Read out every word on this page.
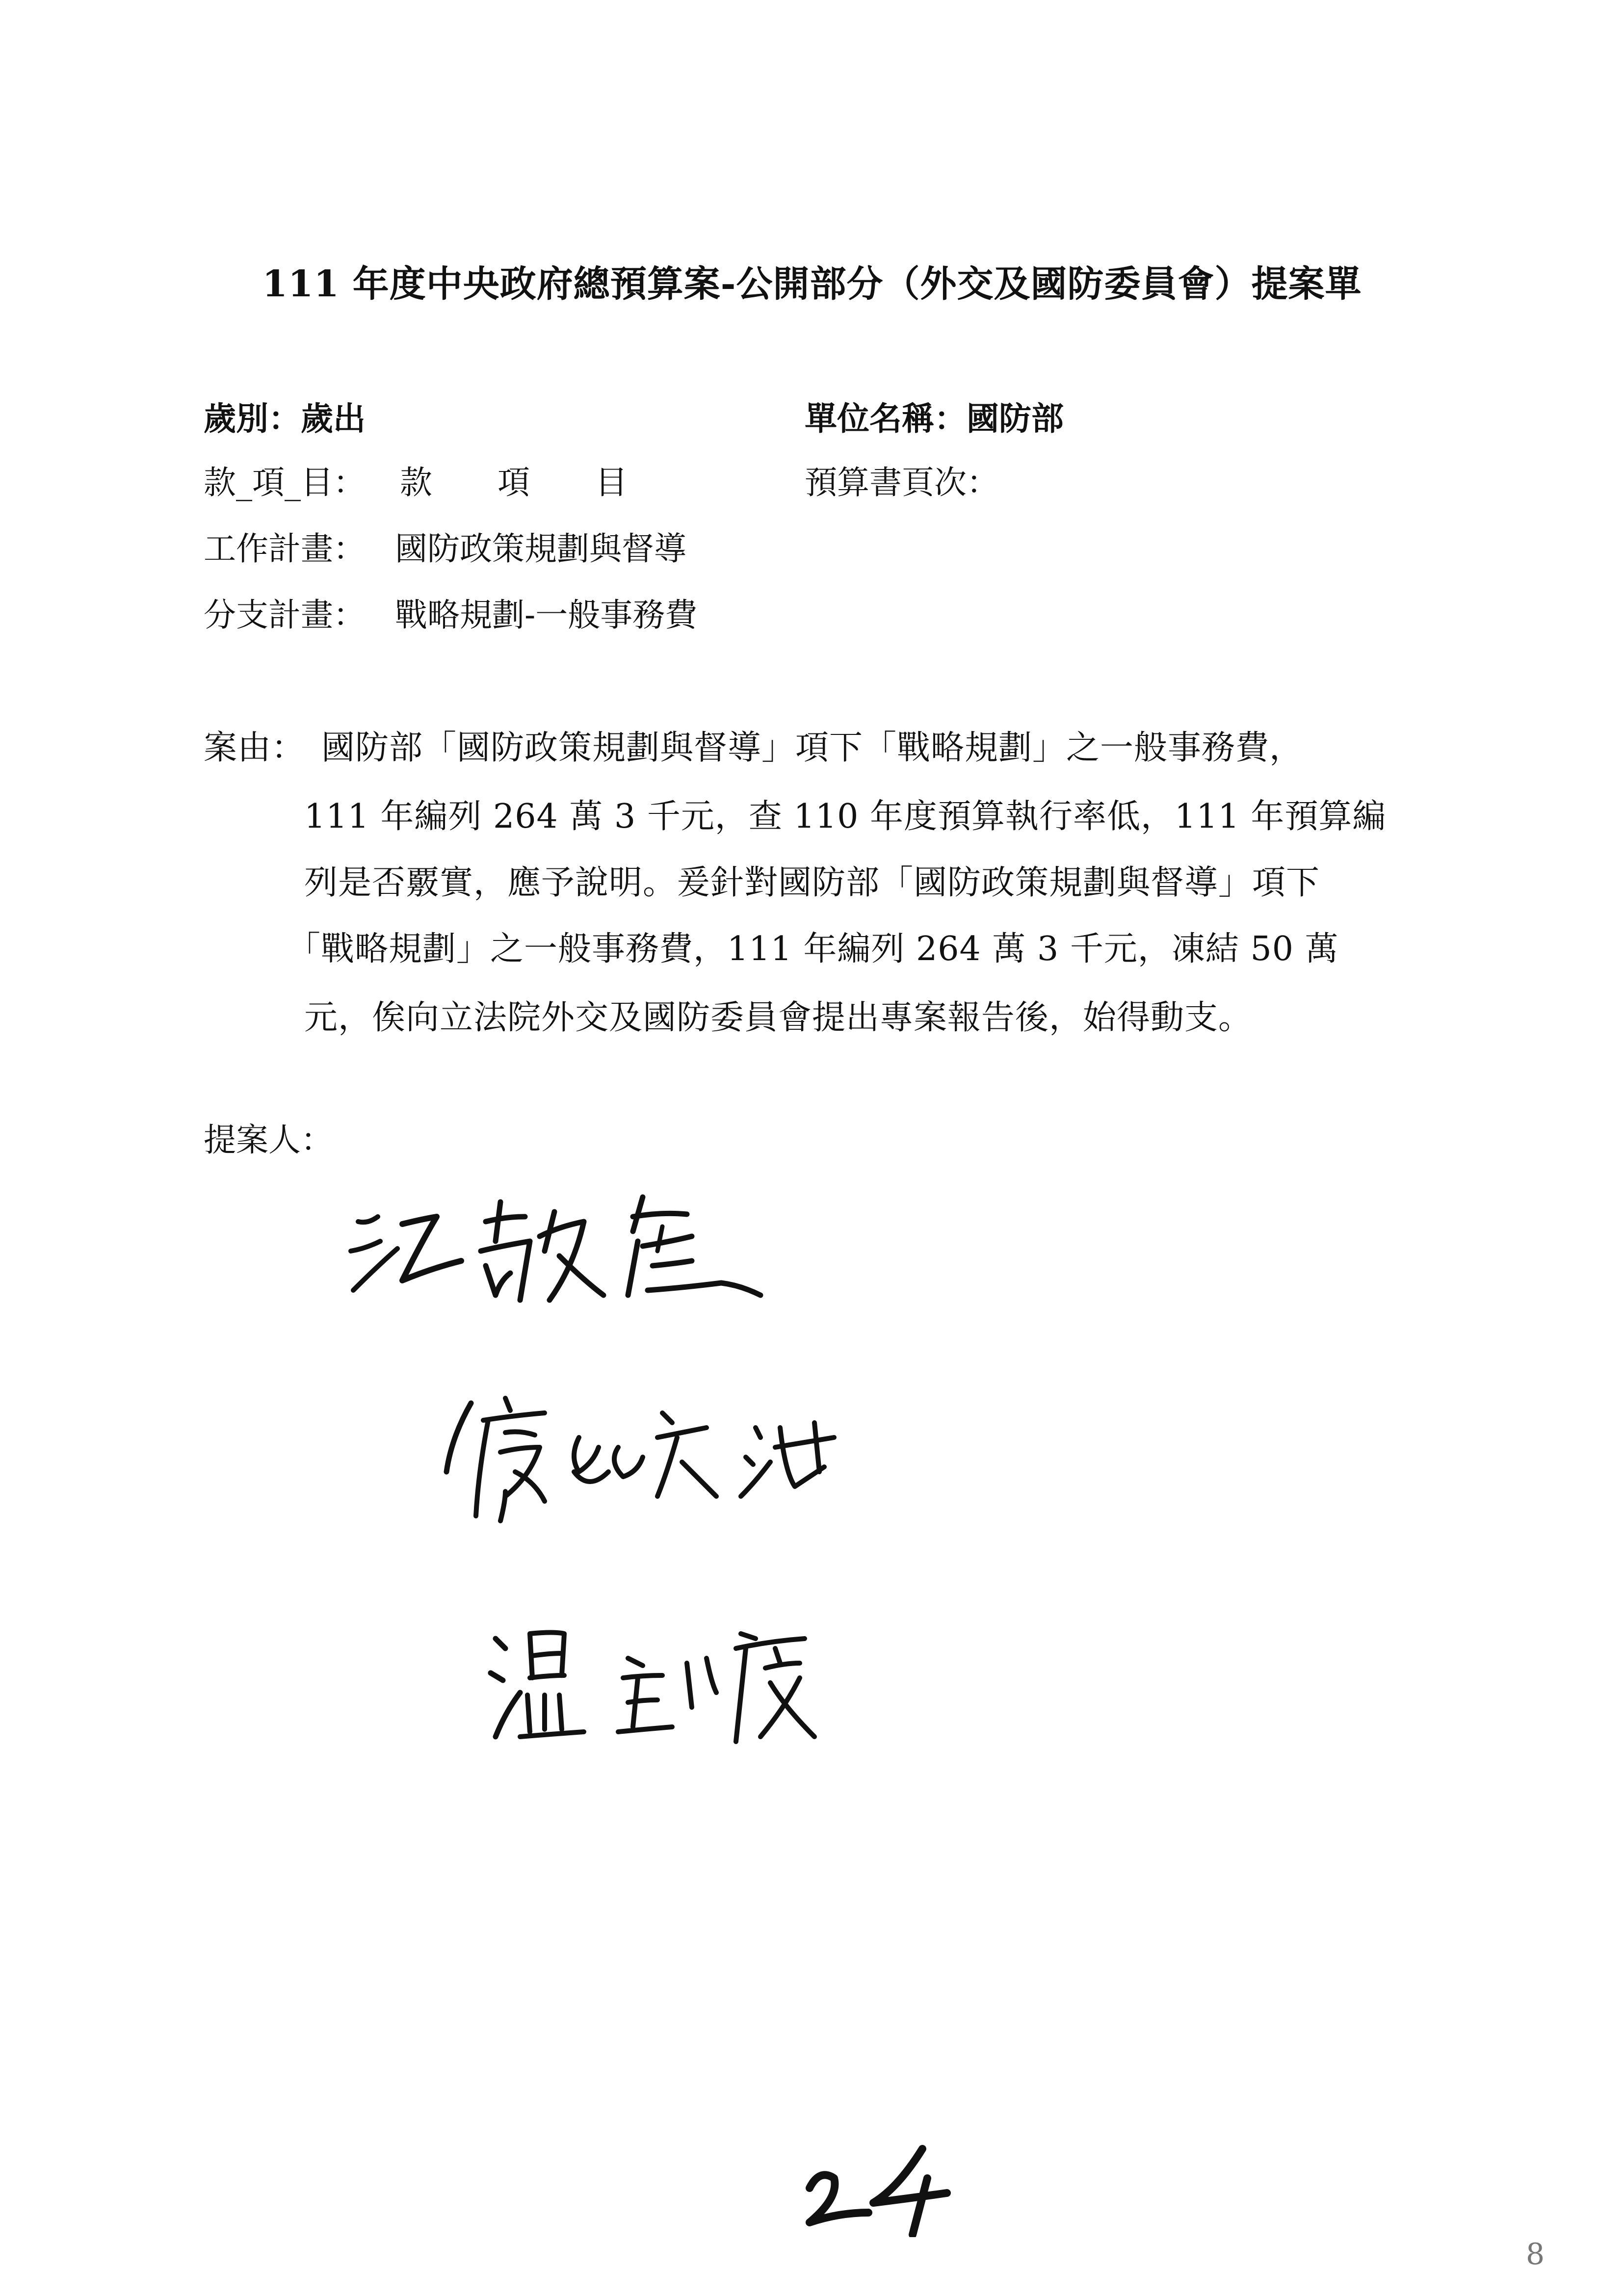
111 年度中央政府總預算案-公開部分（外交及國防委員會）提案單
歲別：歲出	單位名稱：國防部
款_項_目： 款 項 目	預算書頁次：
工作計畫： 國防政策規劃與督導
分支計畫： 戰略規劃-一般事務費
案由： 國防部「國防政策規劃與督導」項下「戰略規劃」之一般事務費，
111 年編列 264 萬 3 千元，查 110 年度預算執行率低，111 年預算編
列是否覈實，應予說明。爰針對國防部「國防政策規劃與督導」項下
「戰略規劃」之一般事務費，111 年編列 264 萬 3 千元，凍結 50 萬
元，俟向立法院外交及國防委員會提出專案報告後，始得動支。
提案人：
8
